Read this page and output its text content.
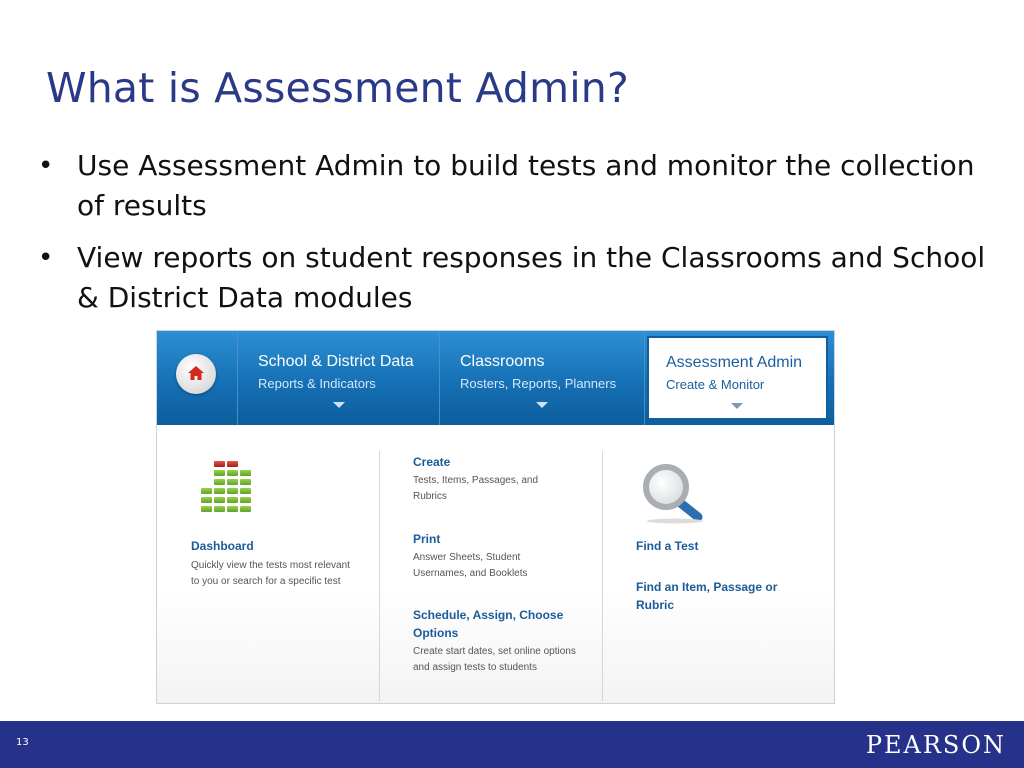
What is Assessment Admin?
• Use Assessment Admin to build tests and monitor the collection of results
• View reports on student responses in the Classrooms and School & District Data modules
School & District Data
Reports & Indicators
Classrooms
Rosters, Reports, Planners
Assessment Admin
Create & Monitor
Dashboard
Quickly view the tests most relevant to you or search for a specific test
Create
Tests, Items, Passages, and Rubrics
Print
Answer Sheets, Student Usernames, and Booklets
Schedule, Assign, Choose Options
Create start dates, set online options and assign tests to students
Find a Test
Find an Item, Passage or Rubric
13	PEARSON
